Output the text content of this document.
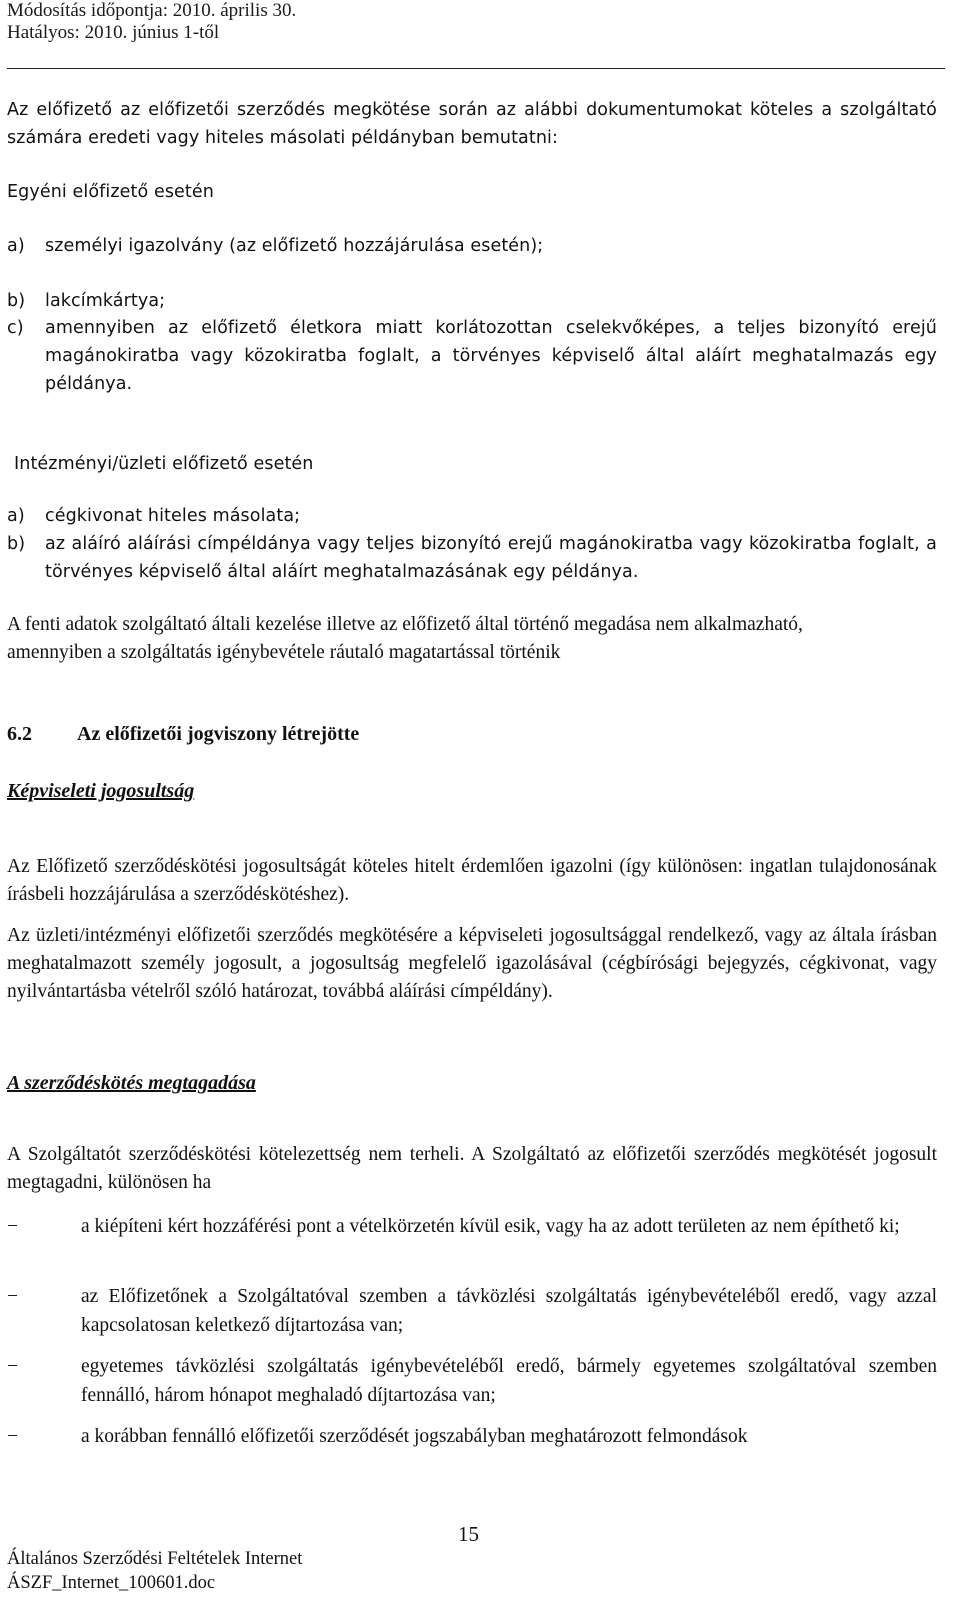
Módosítás időpontja: 2010. április 30.

Hatályos: 2010. június 1-től

Az előfizető az előfizetői szerződés megkötése során az alábbi dokumentumokat köteles a szolgáltató számára eredeti vagy hiteles másolati példányban bemutatni:

Egyéni előfizető esetén

a) személyi igazolvány (az előfizető hozzájárulása esetén);
b) lakcímkártya;
c) amennyiben az előfizető életkora miatt korlátozottan cselekvőképes, a teljes bizonyító erejű magánokiratba vagy közokiratba foglalt, a törvényes képviselő által aláírt meghatalmazás egy példánya.

Intézményi/üzleti előfizető esetén

a) cégkivonat hiteles másolata;
b) az aláíró aláírási címpéldánya vagy teljes bizonyító erejű magánokiratba vagy közokiratba foglalt, a törvényes képviselő által aláírt meghatalmazásának egy példánya.

A fenti adatok szolgáltató általi kezelése illetve az előfizető által történő megadása nem alkalmazható, amennyiben a szolgáltatás igénybevétele ráutaló magatartással történik

6.2 Az előfizetői jogviszony létrejötte

Képviseleti jogosultság

Az Előfizető szerződéskötési jogosultságát köteles hitelt érdemlően igazolni (így különösen: ingatlan tulajdonosának írásbeli hozzájárulása a szerződéskötéshez).

Az üzleti/intézményi előfizetői szerződés megkötésére a képviseleti jogosultsággal rendelkező, vagy az általa írásban meghatalmazott személy jogosult, a jogosultság megfelelő igazolásával (cégbírósági bejegyzés, cégkivonat, vagy nyilvántartásba vételről szóló határozat, továbbá aláírási címpéldány).

A szerződéskötés megtagadása

A Szolgáltatót szerződéskötési kötelezettség nem terheli. A Szolgáltató az előfizetői szerződés megkötését jogosult megtagadni, különösen ha

−	a kiépíteni kért hozzáférési pont a vételkörzetén kívül esik, vagy ha az adott területen az nem építhető ki;
−	az Előfizetőnek a Szolgáltatóval szemben a távközlési szolgáltatás igénybevételéből eredő, vagy azzal kapcsolatosan keletkező díjtartozása van;
−	egyetemes távközlési szolgáltatás igénybevételéből eredő, bármely egyetemes szolgáltatóval szemben fennálló, három hónapot meghaladó díjtartozása van;
−	a korábban fennálló előfizetői szerződését jogszabályban meghatározott felmondások

15

Általános Szerződési Feltételek Internet

ÁSZF_Internet_100601.doc
